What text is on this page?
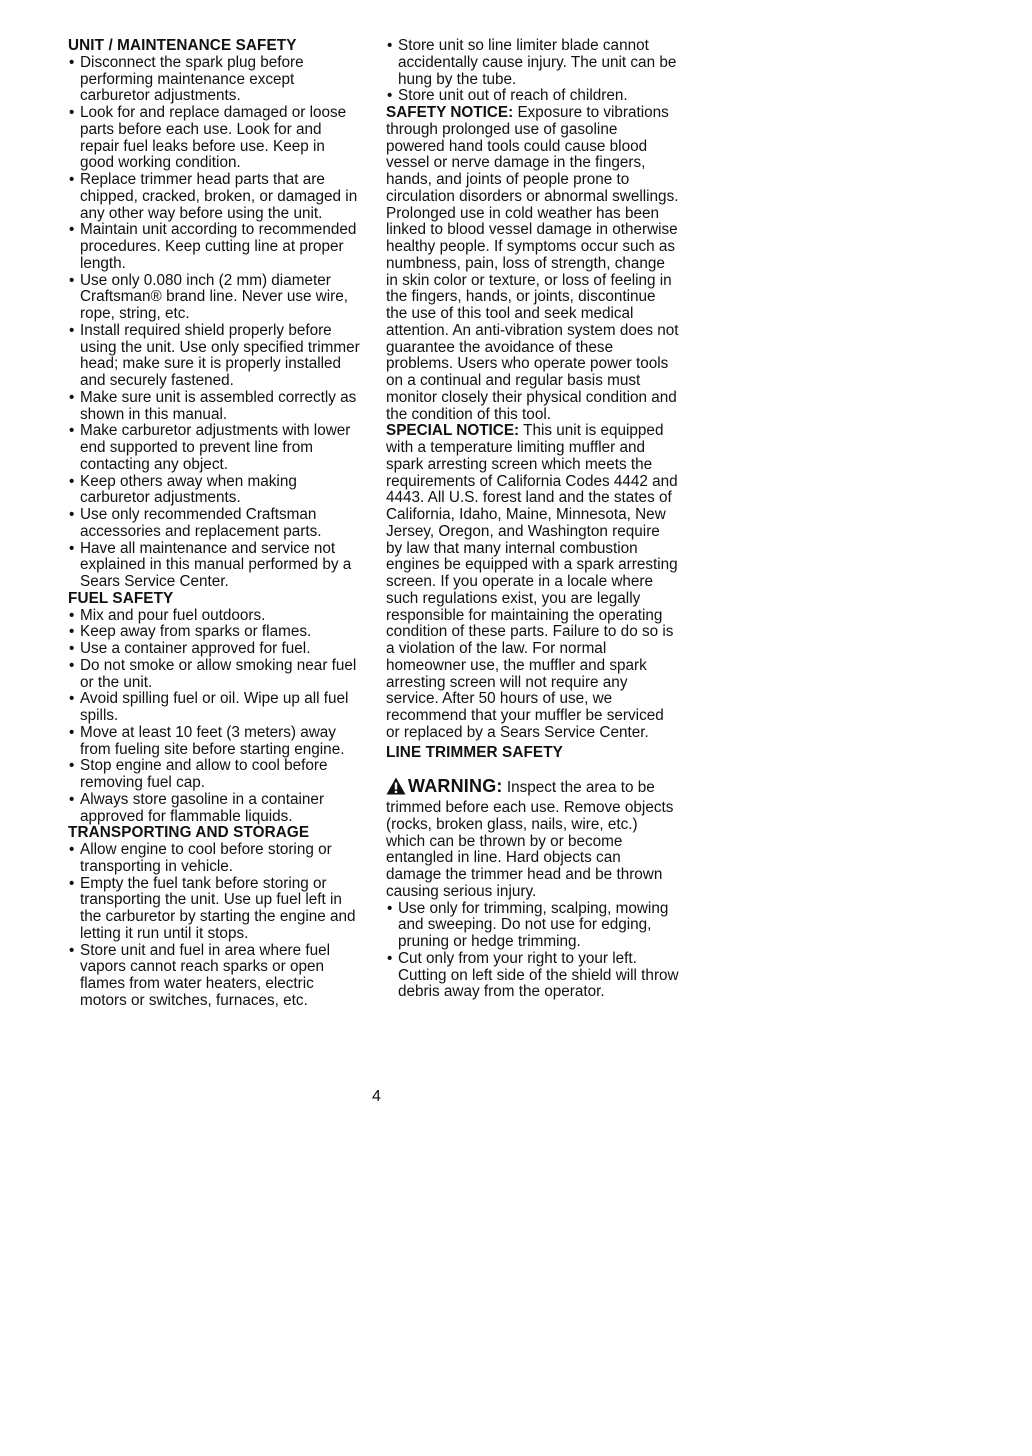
UNIT / MAINTENANCE SAFETY
• Disconnect the spark plug before performing maintenance except carburetor adjustments.
• Look for and replace damaged or loose parts before each use. Look for and repair fuel leaks before use. Keep in good working condition.
• Replace trimmer head parts that are chipped, cracked, broken, or damaged in any other way before using the unit.
• Maintain unit according to recommended procedures. Keep cutting line at proper length.
• Use only 0.080 inch (2 mm) diameter Craftsman® brand line. Never use wire, rope, string, etc.
• Install required shield properly before using the unit. Use only specified trimmer head; make sure it is properly installed and securely fastened.
• Make sure unit is assembled correctly as shown in this manual.
• Make carburetor adjustments with lower end supported to prevent line from contacting any object.
• Keep others away when making carburetor adjustments.
• Use only recommended Craftsman accessories and replacement parts.
• Have all maintenance and service not explained in this manual performed by a Sears Service Center.
FUEL SAFETY
• Mix and pour fuel outdoors.
• Keep away from sparks or flames.
• Use a container approved for fuel.
• Do not smoke or allow smoking near fuel or the unit.
• Avoid spilling fuel or oil. Wipe up all fuel spills.
• Move at least 10 feet (3 meters) away from fueling site before starting engine.
• Stop engine and allow to cool before removing fuel cap.
• Always store gasoline in a container approved for flammable liquids.
TRANSPORTING AND STORAGE
• Allow engine to cool before storing or transporting in vehicle.
• Empty the fuel tank before storing or transporting the unit. Use up fuel left in the carburetor by starting the engine and letting it run until it stops.
• Store unit and fuel in area where fuel vapors cannot reach sparks or open flames from water heaters, electric motors or switches, furnaces, etc.
• Store unit so line limiter blade cannot accidentally cause injury. The unit can be hung by the tube.
• Store unit out of reach of children.

SAFETY NOTICE: Exposure to vibrations through prolonged use of gasoline powered hand tools could cause blood vessel or nerve damage in the fingers, hands, and joints of people prone to circulation disorders or abnormal swellings. Prolonged use in cold weather has been linked to blood vessel damage in otherwise healthy people. If symptoms occur such as numbness, pain, loss of strength, change in skin color or texture, or loss of feeling in the fingers, hands, or joints, discontinue the use of this tool and seek medical attention. An anti-vibration system does not guarantee the avoidance of these problems. Users who operate power tools on a continual and regular basis must monitor closely their physical condition and the condition of this tool.

SPECIAL NOTICE: This unit is equipped with a temperature limiting muffler and spark arresting screen which meets the requirements of California Codes 4442 and 4443. All U.S. forest land and the states of California, Idaho, Maine, Minnesota, New Jersey, Oregon, and Washington require by law that many internal combustion engines be equipped with a spark arresting screen. If you operate in a locale where such regulations exist, you are legally responsible for maintaining the operating condition of these parts. Failure to do so is a violation of the law. For normal homeowner use, the muffler and spark arresting screen will not require any service. After 50 hours of use, we recommend that your muffler be serviced or replaced by a Sears Service Center.

LINE TRIMMER SAFETY

WARNING: Inspect the area to be trimmed before each use. Remove objects (rocks, broken glass, nails, wire, etc.) which can be thrown by or become entangled in line. Hard objects can damage the trimmer head and be thrown causing serious injury.

• Use only for trimming, scalping, mowing and sweeping. Do not use for edging, pruning or hedge trimming.
• Cut only from your right to your left. Cutting on left side of the shield will throw debris away from the operator.
4
